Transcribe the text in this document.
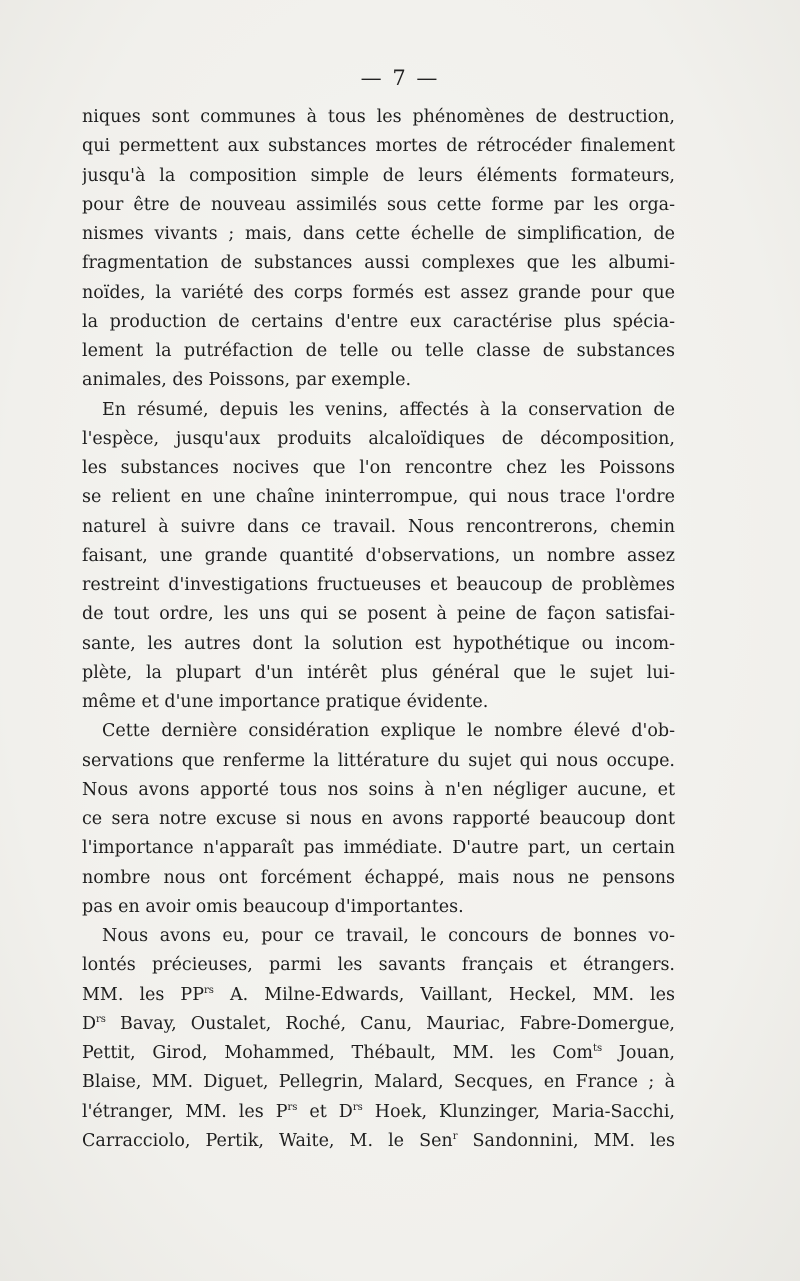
— 7 —
niques sont communes à tous les phénomènes de destruction,
qui permettent aux substances mortes de rétrocéder finalement
jusqu'à la composition simple de leurs éléments formateurs,
pour être de nouveau assimilés sous cette forme par les orga-
nismes vivants ; mais, dans cette échelle de simplification, de
fragmentation de substances aussi complexes que les albumi-
noïdes, la variété des corps formés est assez grande pour que
la production de certains d'entre eux caractérise plus spécia-
lement la putréfaction de telle ou telle classe de substances
animales, des Poissons, par exemple.
En résumé, depuis les venins, affectés à la conservation de
l'espèce, jusqu'aux produits alcaloïdiques de décomposition,
les substances nocives que l'on rencontre chez les Poissons
se relient en une chaîne ininterrompue, qui nous trace l'ordre
naturel à suivre dans ce travail. Nous rencontrerons, chemin
faisant, une grande quantité d'observations, un nombre assez
restreint d'investigations fructueuses et beaucoup de problèmes
de tout ordre, les uns qui se posent à peine de façon satisfai-
sante, les autres dont la solution est hypothétique ou incom-
plète, la plupart d'un intérêt plus général que le sujet lui-
même et d'une importance pratique évidente.
Cette dernière considération explique le nombre élevé d'ob-
servations que renferme la littérature du sujet qui nous occupe.
Nous avons apporté tous nos soins à n'en négliger aucune, et
ce sera notre excuse si nous en avons rapporté beaucoup dont
l'importance n'apparaît pas immédiate. D'autre part, un certain
nombre nous ont forcément échappé, mais nous ne pensons
pas en avoir omis beaucoup d'importantes.
Nous avons eu, pour ce travail, le concours de bonnes vo-
lontés précieuses, parmi les savants français et étrangers.
MM. les $PP^{rs}$ A. Milne-Edwards, Vaillant, Heckel, MM. les
$D^{rs}$ Bavay, Oustalet, Roché, Canu, Mauriac, Fabre-Domergue,
Pettit, Girod, Mohammed, Thébault, MM. les Com$^{ts}$ Jouan,
Blaise, MM. Diguet, Pellegrin, Malard, Secques, en France ; à
l'étranger, MM. les $P^{rs}$ et $D^{rs}$ Hoek, Klunzinger, Maria-Sacchi,
Carracciolo, Pertik, Waite, M. le Sen$^r$ Sandonnini, MM. les
